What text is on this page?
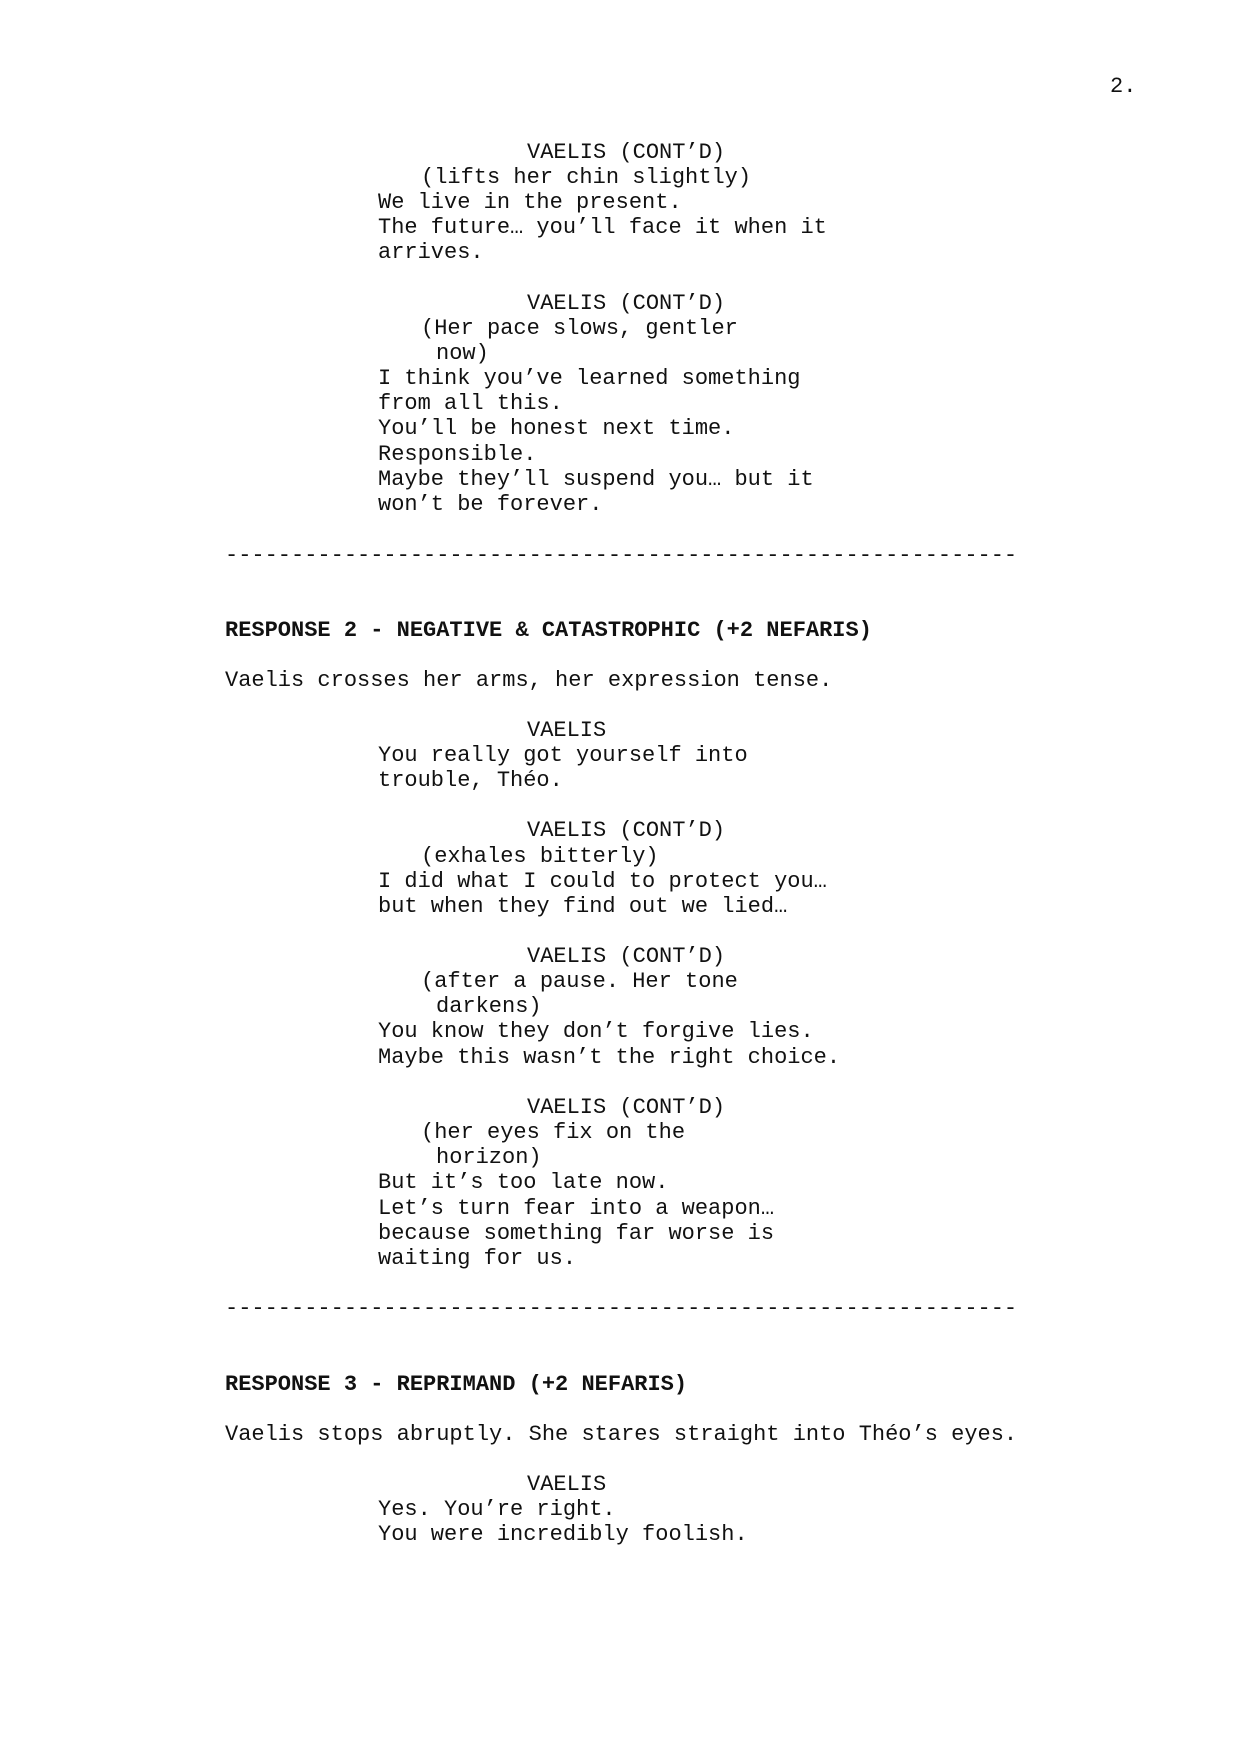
2.
VAELIS (CONT’D)
(lifts her chin slightly)
We live in the present.
The future… you’ll face it when it
arrives.
VAELIS (CONT’D)
(Her pace slows, gentler
now)
I think you’ve learned something
from all this.
You’ll be honest next time.
Responsible.
Maybe they’ll suspend you… but it
won’t be forever.
------------------------------------------------------------
RESPONSE 2 - NEGATIVE & CATASTROPHIC (+2 NEFARIS)
Vaelis crosses her arms, her expression tense.
VAELIS
You really got yourself into
trouble, Théo.
VAELIS (CONT’D)
(exhales bitterly)
I did what I could to protect you…
but when they find out we lied…
VAELIS (CONT’D)
(after a pause. Her tone
darkens)
You know they don’t forgive lies.
Maybe this wasn’t the right choice.
VAELIS (CONT’D)
(her eyes fix on the
horizon)
But it’s too late now.
Let’s turn fear into a weapon…
because something far worse is
waiting for us.
------------------------------------------------------------
RESPONSE 3 - REPRIMAND (+2 NEFARIS)
Vaelis stops abruptly. She stares straight into Théo’s eyes.
VAELIS
Yes. You’re right.
You were incredibly foolish.
